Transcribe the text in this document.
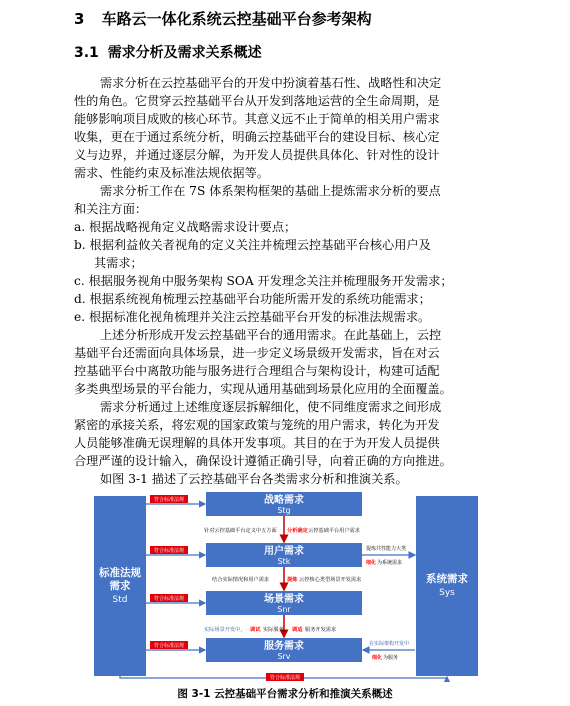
3 车路云一体化系统云控基础平台参考架构
3.1 需求分析及需求关系概述
需求分析在云控基础平台的开发中扮演着基石性、战略性和决定
性的角色。它贯穿云控基础平台从开发到落地运营的全生命周期，是
能够影响项目成败的核心环节。其意义远不止于简单的相关用户需求
收集，更在于通过系统分析，明确云控基础平台的建设目标、核心定
义与边界，并通过逐层分解，为开发人员提供具体化、针对性的设计
需求、性能约束及标准法规依据等。
需求分析工作在 7S 体系架构框架的基础上提炼需求分析的要点
和关注方面：
a. 根据战略视角定义战略需求设计要点；
b. 根据利益攸关者视角的定义关注并梳理云控基础平台核心用户及
其需求；
c. 根据服务视角中服务架构 SOA 开发理念关注并梳理服务开发需求；
d. 根据系统视角梳理云控基础平台功能所需开发的系统功能需求；
e. 根据标准化视角梳理并关注云控基础平台开发的标准法规需求。
上述分析形成开发云控基础平台的通用需求。在此基础上，云控
基础平台还需面向具体场景，进一步定义场景级开发需求，旨在对云
控基础平台中离散功能与服务进行合理组合与架构设计，构建可适配
多类典型场景的平台能力，实现从通用基础到场景化应用的全面覆盖。
需求分析通过上述维度逐层拆解细化，使不同维度需求之间形成
紧密的承接关系，将宏观的国家政策与笼统的用户需求，转化为开发
人员能够准确无误理解的具体开发事项。其目的在于为开发人员提供
合理严谨的设计输入，确保设计遵循正确引导，向着正确的方向推进。
如图 3-1 描述了云控基础平台各类需求分析和推演关系。
标准法规
需求
Std
系统需求
Sys
战略需求
Stg
用户需求
Stk
场景需求
Snr
服务需求
Srv
针对云控基础平台定义中五方面 分析确定 云控基础平台用户需求
结合实际情况和用户需求	提炼 云控核心类型场景开发需求
实际场景开发中， 调试 实际服务， 调适 服务开发需求
提炼共性能力大类
细化 为系统需求
在实际架构开发中
细化 为服务
符合标准法规
符合标准法规
符合标准法规
符合标准法规
符合标准法规
图 3-1 云控基础平台需求分析和推演关系概述
